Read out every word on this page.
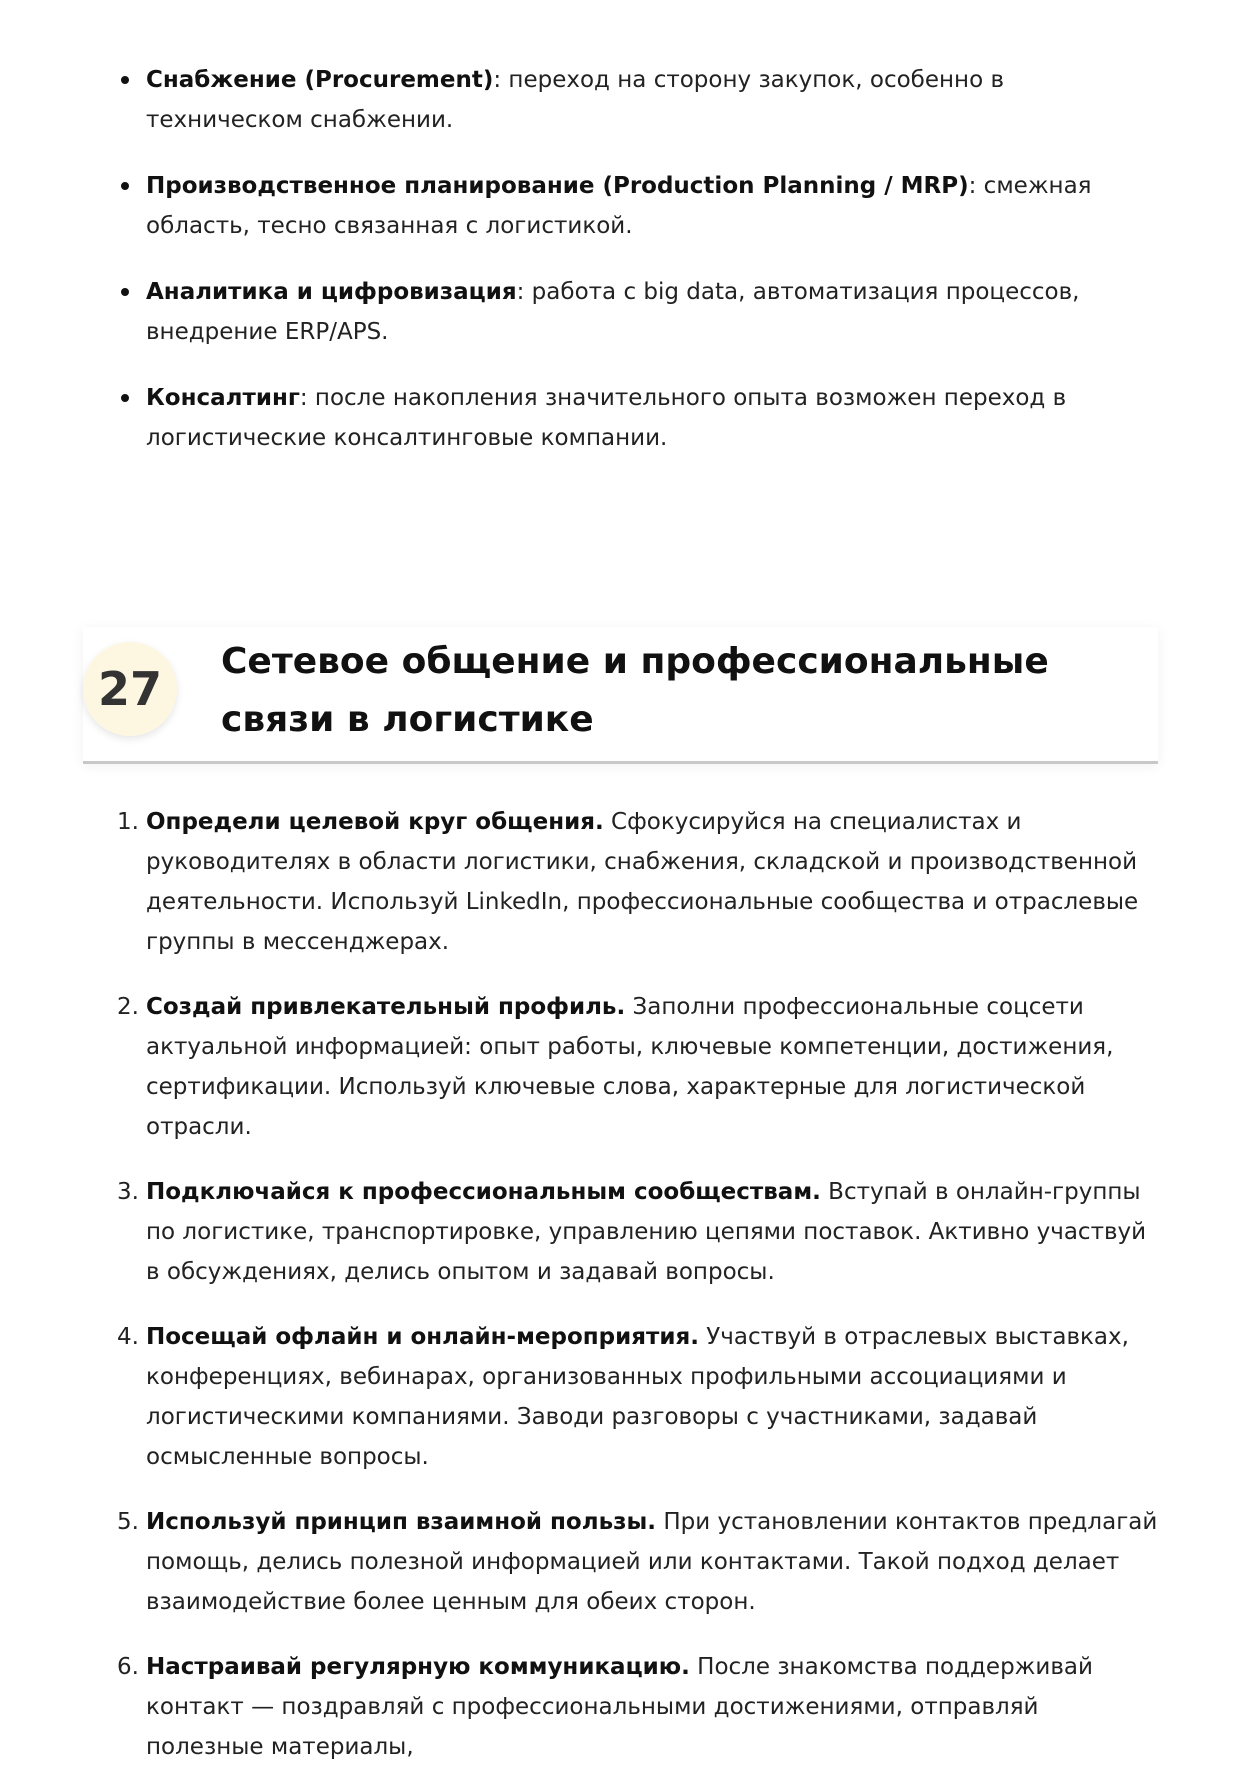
Снабжение (Procurement): переход на сторону закупок, особенно в техническом снабжении.
Производственное планирование (Production Planning / MRP): смежная область, тесно связанная с логистикой.
Аналитика и цифровизация: работа с big data, автоматизация процессов, внедрение ERP/APS.
Консалтинг: после накопления значительного опыта возможен переход в логистические консалтинговые компании.
27
Сетевое общение и профессиональные связи в логистике
1. Определи целевой круг общения. Сфокусируйся на специалистах и руководителях в области логистики, снабжения, складской и производственной деятельности. Используй LinkedIn, профессиональные сообщества и отраслевые группы в мессенджерах.
2. Создай привлекательный профиль. Заполни профессиональные соцсети актуальной информацией: опыт работы, ключевые компетенции, достижения, сертификации. Используй ключевые слова, характерные для логистической отрасли.
3. Подключайся к профессиональным сообществам. Вступай в онлайн-группы по логистике, транспортировке, управлению цепями поставок. Активно участвуй в обсуждениях, делись опытом и задавай вопросы.
4. Посещай офлайн и онлайн-мероприятия. Участвуй в отраслевых выставках, конференциях, вебинарах, организованных профильными ассоциациями и логистическими компаниями. Заводи разговоры с участниками, задавай осмысленные вопросы.
5. Используй принцип взаимной пользы. При установлении контактов предлагай помощь, делись полезной информацией или контактами. Такой подход делает взаимодействие более ценным для обеих сторон.
6. Настраивай регулярную коммуникацию. После знакомства поддерживай контакт — поздравляй с профессиональными достижениями, отправляй полезные материалы,
